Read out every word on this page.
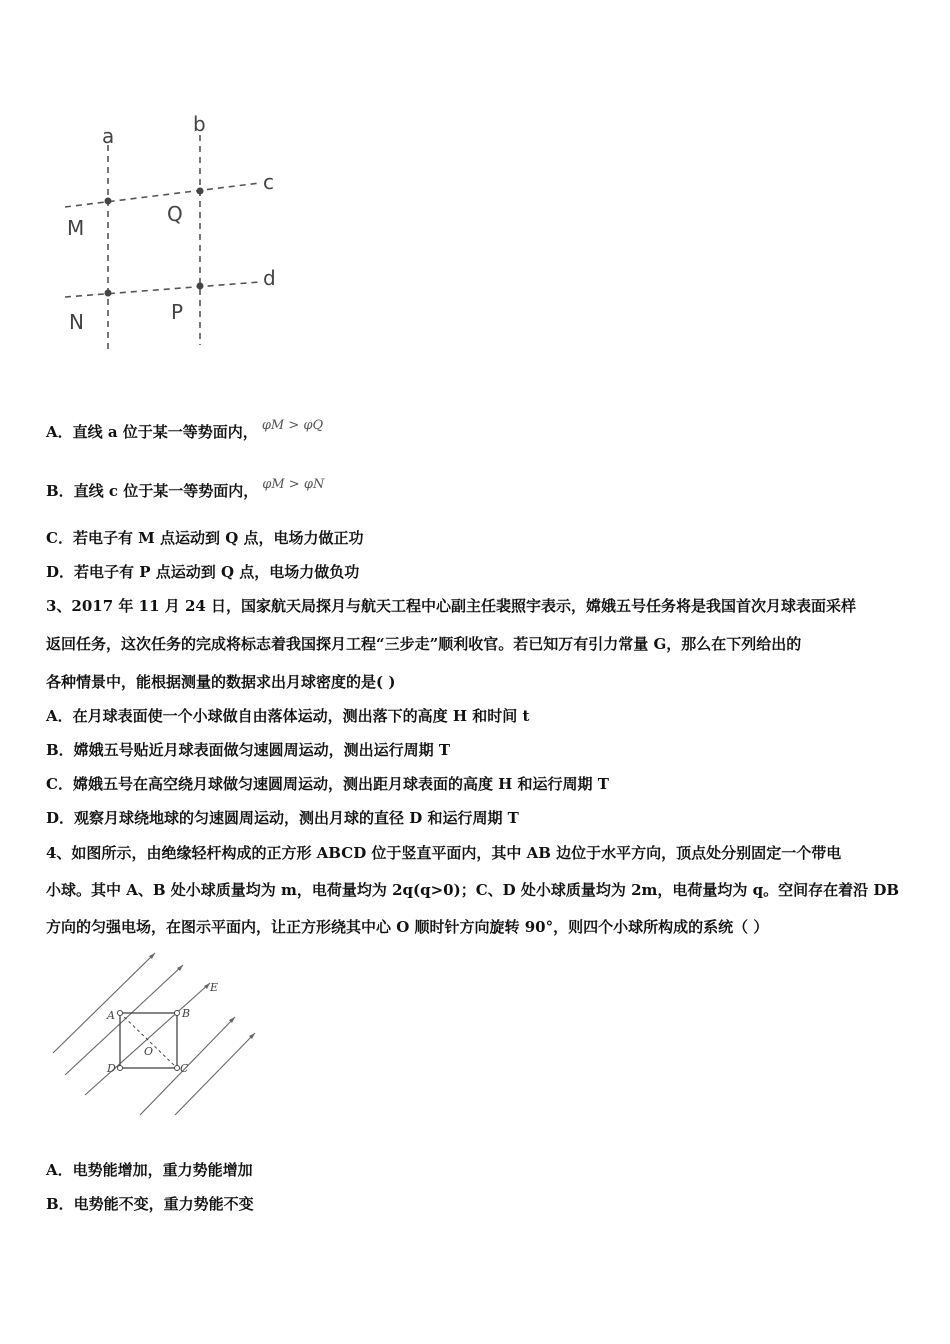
a	b
c
d
M
Q
N	P
A．直线 a 位于某一等势面内， φM > φQ
B．直线 c 位于某一等势面内， φM > φN
C．若电子有 M 点运动到 Q 点，电场力做正功
D．若电子有 P 点运动到 Q 点，电场力做负功
3、2017 年 11 月 24 日，国家航天局探月与航天工程中心副主任裴照宇表示，嫦娥五号任务将是我国首次月球表面采样
返回任务，这次任务的完成将标志着我国探月工程“三步走”顺利收官。若已知万有引力常量 G，那么在下列给出的
各种情景中，能根据测量的数据求出月球密度的是( )
A．在月球表面使一个小球做自由落体运动，测出落下的高度 H 和时间 t
B．嫦娥五号贴近月球表面做匀速圆周运动，测出运行周期 T
C．嫦娥五号在高空绕月球做匀速圆周运动，测出距月球表面的高度 H 和运行周期 T
D．观察月球绕地球的匀速圆周运动，测出月球的直径 D 和运行周期 T
4、如图所示，由绝缘轻杆构成的正方形 ABCD 位于竖直平面内，其中 AB 边位于水平方向，顶点处分别固定一个带电
小球。其中 A、B 处小球质量均为 m，电荷量均为 2q(q>0)；C、D 处小球质量均为 2m，电荷量均为 q。空间存在着沿 DB
方向的匀强电场，在图示平面内，让正方形绕其中心 O 顺时针方向旋转 90°，则四个小球所构成的系统（ ）
A	B
C
D
O
E
A．电势能增加，重力势能增加
B．电势能不变，重力势能不变
